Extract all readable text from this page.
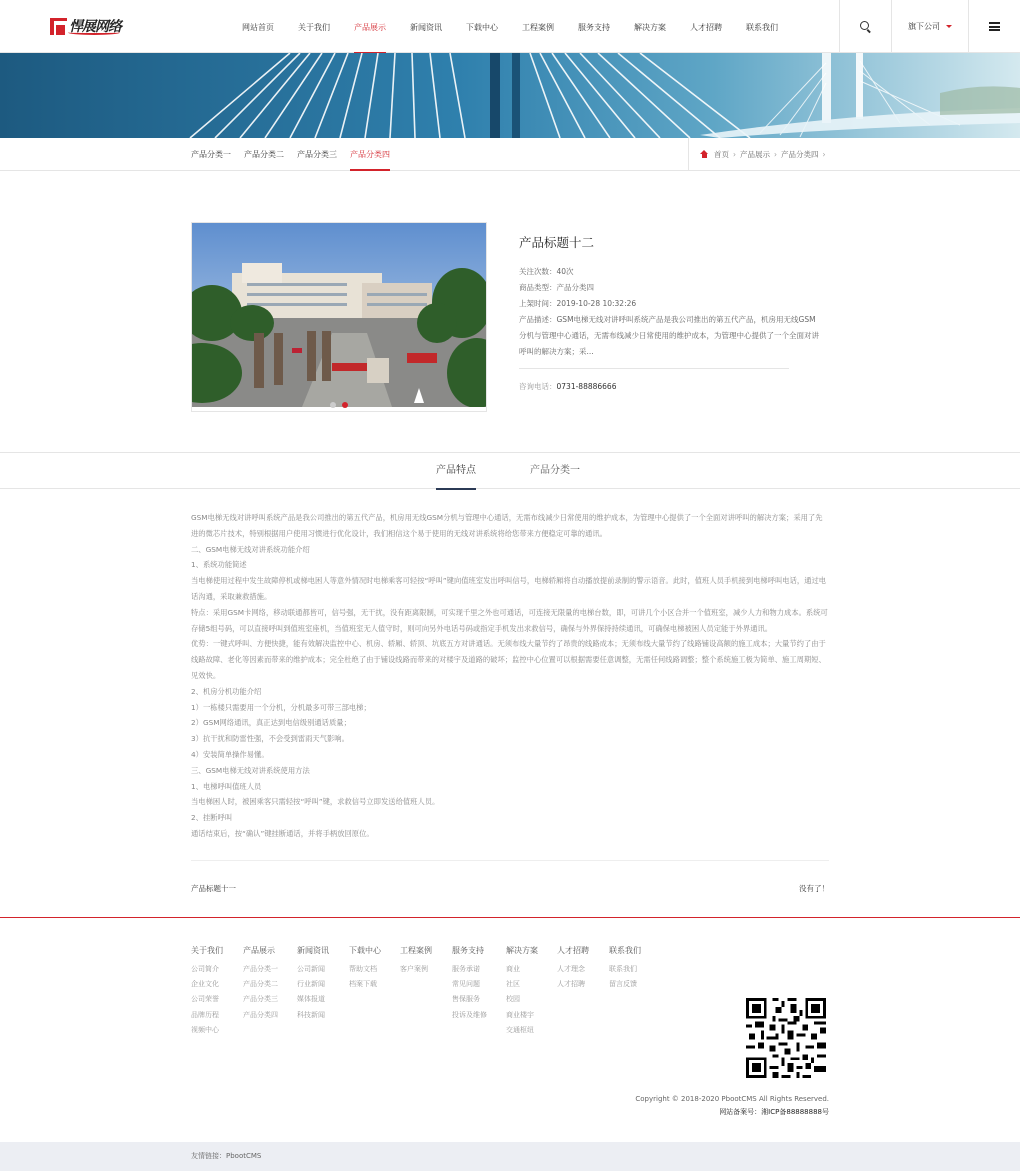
悍展网络	网站首页	关于我们	产品展示	新闻资讯	下载中心	工程案例	服务支持	解决方案	人才招聘	联系我们	旗下公司
产品分类一 产品分类二 产品分类三 产品分类四	首页 › 产品展示 › 产品分类四 ›
产品标题十二
关注次数：40次
商品类型：产品分类四
上架时间：2019-10-28 10:32:26
产品描述：GSM电梯无线对讲呼叫系统产品是我公司推出的第五代产品，机房用无线GSM分机与管理中心通话，无需布线减少日常使用的维护成本，为管理中心提供了一个全面对讲呼叫的解决方案；采...
咨询电话：0731-88886666
产品特点	产品分类一

GSM电梯无线对讲呼叫系统产品是我公司推出的第五代产品，机房用无线GSM分机与管理中心通话，无需布线减少日常使用的维护成本，为管理中心提供了一个全面对讲呼叫的解决方案；采用了先进的微芯片技术，特别根据用户使用习惯进行优化设计，我们相信这个易于使用的无线对讲系统将给您带来方便稳定可靠的通讯。

二、GSM电梯无线对讲系统功能介绍

1、系统功能简述

当电梯使用过程中发生故障停机或梯电困人等意外情况时电梯乘客可轻按“呼叫”键向值班室发出呼叫信号，电梯轿厢将自动播放提前录制的警示语音。此时，值班人员手机接到电梯呼叫电话，通过电话沟通，采取兼救措施。

特点：采用GSM卡网络，移动联通都皆可，信号强，无干扰，没有距离限制，可实现千里之外也可通话，可连接无限量的电梯台数，即，可讲几个小区合并一个值班室，减少人力和物力成本。系统可存储5组号码，可以直接呼叫到值班室座机，当值班室无人值守时，则可向另外电话号码或指定手机发出求救信号，确保与外界保持持续通讯，可确保电梯被困人员定能于外界通讯。

优势：一键式呼叫、方便快捷，能有效解决监控中心、机房、轿厢、轿顶、坑底五方对讲通话。无须布线大量节约了昂贵的线路成本；无须布线大量节约了线路铺设高额的施工成本；大量节约了由于线路故障、老化等因素而带来的维护成本；完全杜绝了由于铺设线路而带来的对楼宇及道路的破坏；监控中心位置可以根据需要任意调整，无需任何线路调整；整个系统施工极为简单、施工周期短、见效快。

2、机房分机功能介绍

1）一栋楼只需要用一个分机，分机最多可带三部电梯；

2）GSM网络通讯，真正达到电信级别通话质量；

3）抗干扰和防雷性强，不会受到雷雨天气影响。

4）安装简单操作易懂。

三、GSM电梯无线对讲系统使用方法

1、电梯呼叫值班人员

当电梯困人时，被困乘客只需轻按“呼叫”键，求救信号立即发送给值班人员。

2、挂断呼叫

通话结束后，按“确认”键挂断通话，并将手柄放回原位。

产品标题十一	没有了！
关于我们
公司简介
企业文化
公司荣誉
品牌历程
视频中心
产品展示
产品分类一
产品分类二
产品分类三
产品分类四
新闻资讯
公司新闻
行业新闻
媒体报道
科技新闻
下载中心
帮助文档
档案下载
工程案例
客户案例
服务支持
服务承诺
常见问题
售保服务
投诉及维修
解决方案
商业
社区
校园
商业楼宇
交通枢纽
人才招聘
人才理念
人才招聘
联系我们
联系我们
留言反馈
Copyright © 2018-2020 PbootCMS All Rights Reserved.
网站备案号：湘ICP备88888888号
友情链接：PbootCMS
